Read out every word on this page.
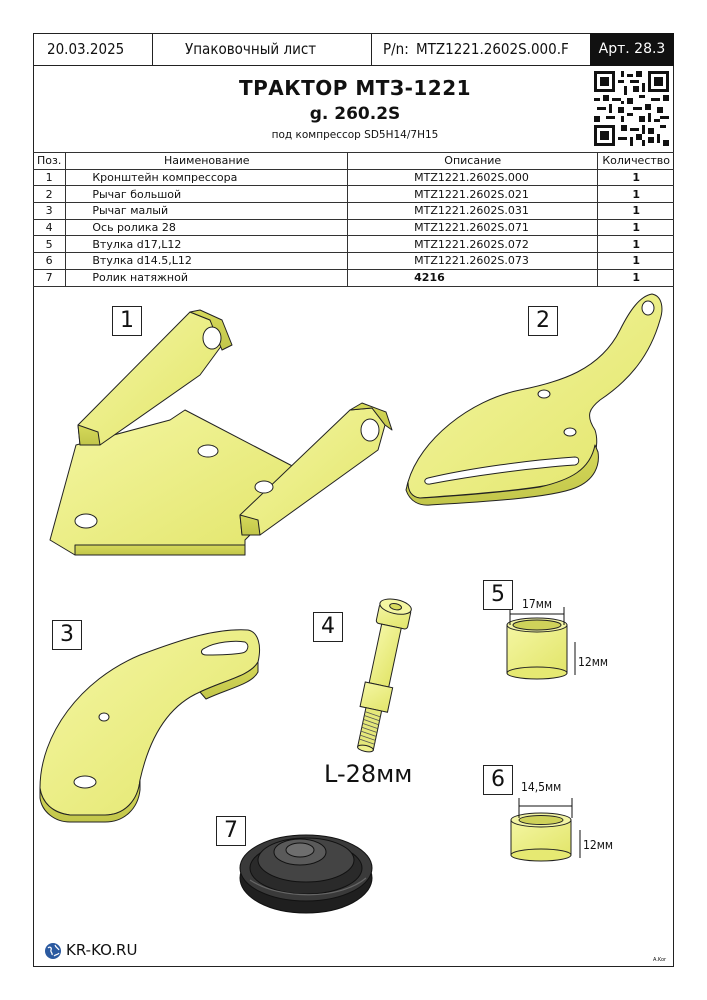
20.03.2025	Упаковочный лист	P/n: MTZ1221.2602S.000.F	Арт. 28.3
ТРАКТОР МТЗ-1221
g. 260.2S
под компрессор SD5H14/7H15
Поз.	Наименование	Описание	Количество
1	Кронштейн компрессора	MTZ1221.2602S.000	1
2	Рычаг большой	MTZ1221.2602S.021	1
3	Рычаг малый	MTZ1221.2602S.031	1
4	Ось ролика 28	MTZ1221.2602S.071	1
5	Втулка d17,L12	MTZ1221.2602S.072	1
6	Втулка d14.5,L12	MTZ1221.2602S.073	1
7	Ролик натяжной	4216	1
1	2
3	4
5
6
7
17мм
12мм
14,5мм
12мм
L-28мм
KR-KO.RU
A.Kor
